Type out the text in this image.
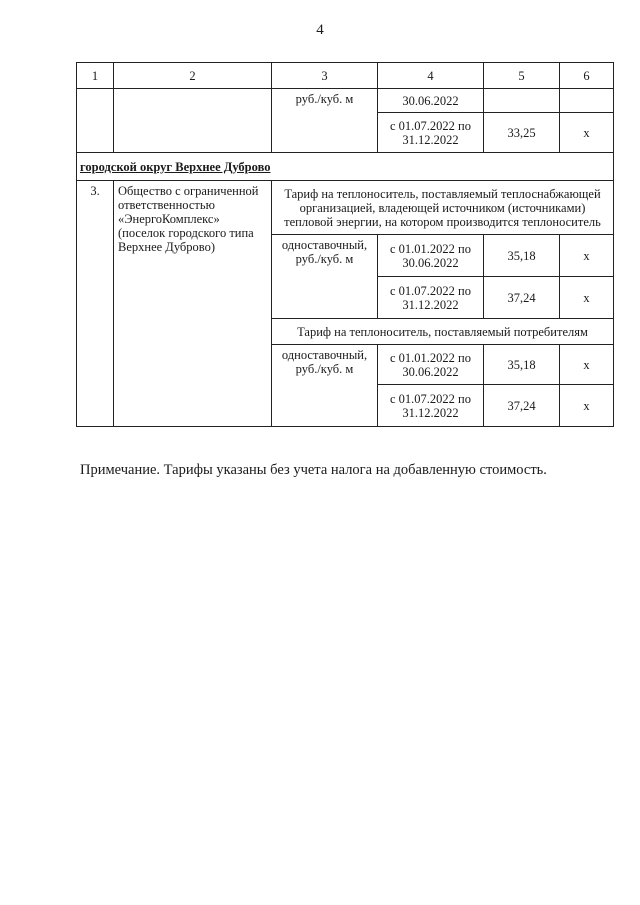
4
1	2	3	4	5	6
		руб./куб. м	30.06.2022		
			с 01.07.2022 по 31.12.2022	33,25	х
городской округ Верхнее Дуброво					
3.	Общество с ограниченной ответственностью «ЭнергоКомплекс» (поселок городского типа Верхнее Дуброво)	Тариф на теплоноситель, поставляемый теплоснабжающей организацией, владеющей источником (источниками) тепловой энергии, на котором производится теплоноситель			
		одноставочный, руб./куб. м	с 01.01.2022 по 30.06.2022	35,18	х
			с 01.07.2022 по 31.12.2022	37,24	х
		Тариф на теплоноситель, поставляемый потребителям			
		одноставочный, руб./куб. м	с 01.01.2022 по 30.06.2022	35,18	х
			с 01.07.2022 по 31.12.2022	37,24	х
Примечание. Тарифы указаны без учета налога на добавленную стоимость.
